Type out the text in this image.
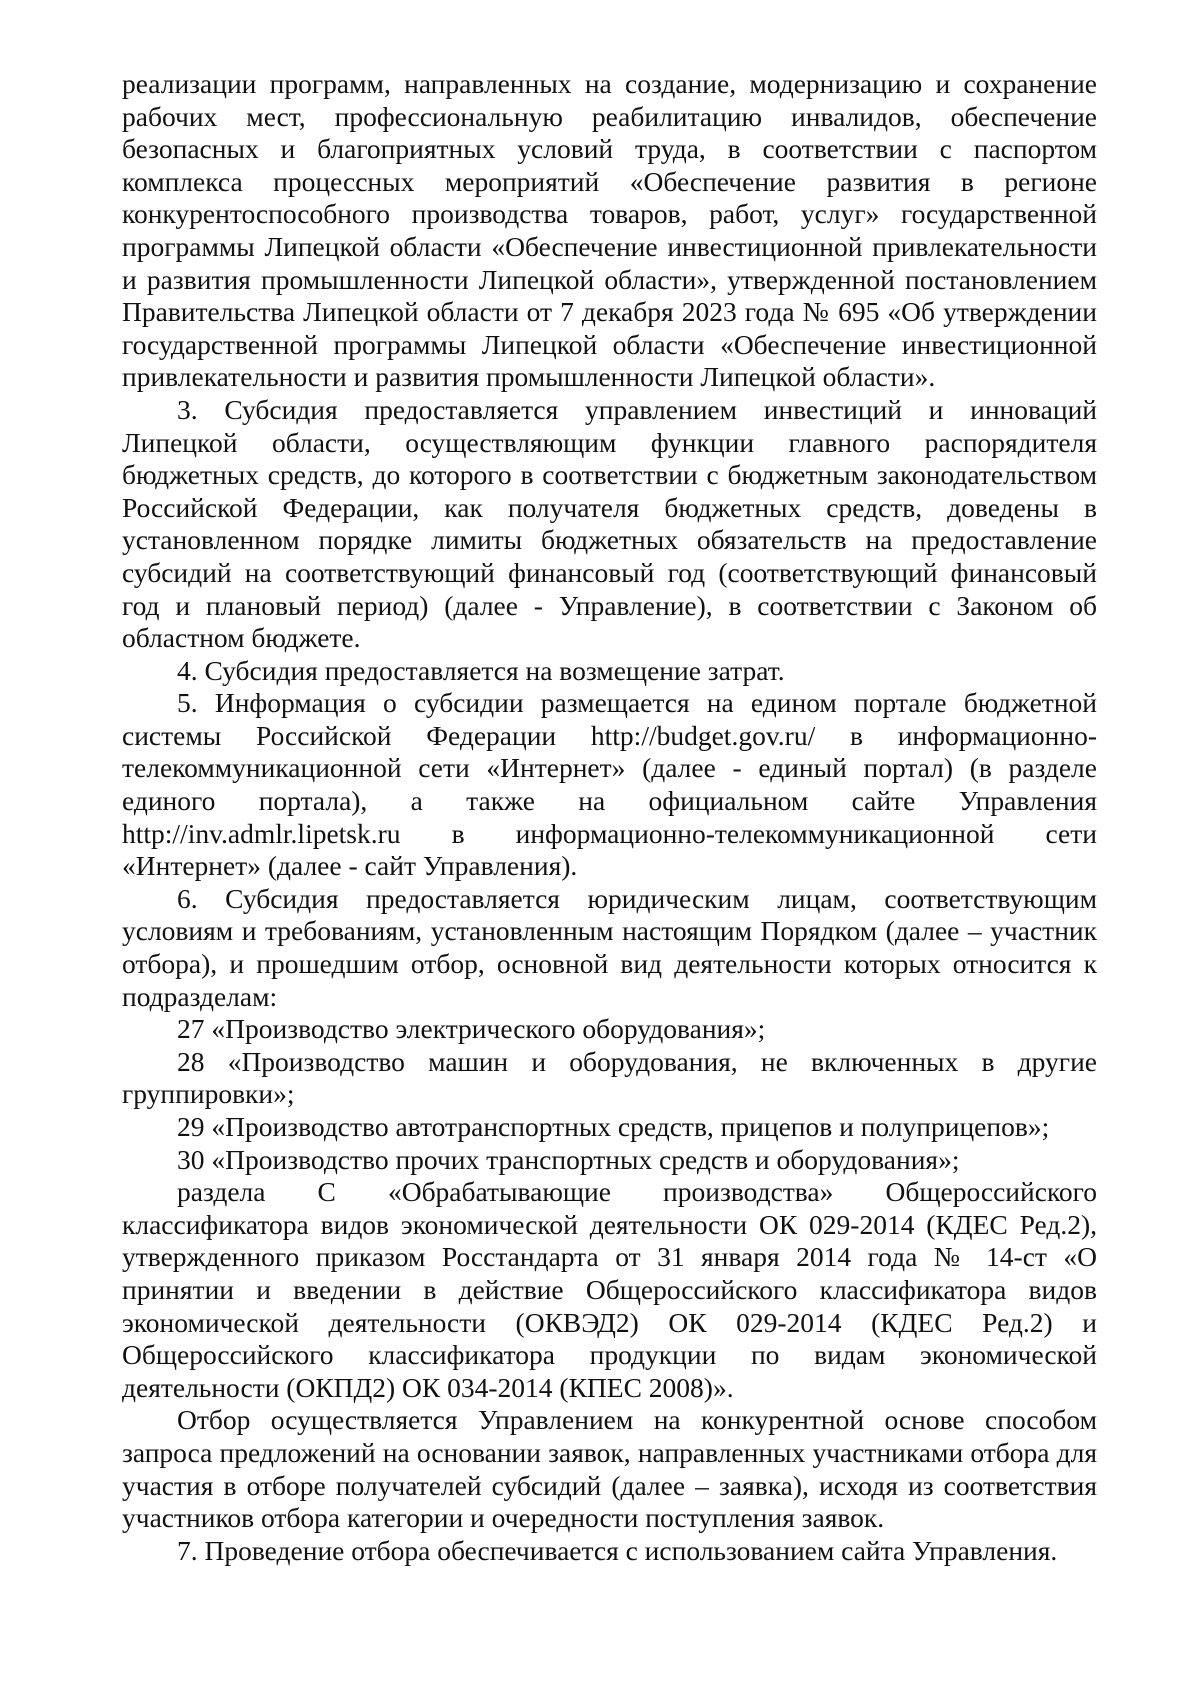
реализации программ, направленных на создание, модернизацию и сохранение рабочих мест, профессиональную реабилитацию инвалидов, обеспечение безопасных и благоприятных условий труда, в соответствии с паспортом комплекса процессных мероприятий «Обеспечение развития в регионе конкурентоспособного производства товаров, работ, услуг» государственной программы Липецкой области «Обеспечение инвестиционной привлекательности и развития промышленности Липецкой области», утвержденной постановлением Правительства Липецкой области от 7 декабря 2023 года № 695 «Об утверждении государственной программы Липецкой области «Обеспечение инвестиционной привлекательности и развития промышленности Липецкой области».

3. Субсидия предоставляется управлением инвестиций и инноваций Липецкой области, осуществляющим функции главного распорядителя бюджетных средств, до которого в соответствии с бюджетным законодательством Российской Федерации, как получателя бюджетных средств, доведены в установленном порядке лимиты бюджетных обязательств на предоставление субсидий на соответствующий финансовый год (соответствующий финансовый год и плановый период) (далее - Управление), в соответствии с Законом об областном бюджете.

4. Субсидия предоставляется на возмещение затрат.

5. Информация о субсидии размещается на едином портале бюджетной системы Российской Федерации http://budget.gov.ru/ в информационно-телекоммуникационной сети «Интернет» (далее - единый портал) (в разделе единого портала), а также на официальном сайте Управления http://inv.admlr.lipetsk.ru в информационно-телекоммуникационной сети «Интернет» (далее - сайт Управления).

6. Субсидия предоставляется юридическим лицам, соответствующим условиям и требованиям, установленным настоящим Порядком (далее – участник отбора), и прошедшим отбор, основной вид деятельности которых относится к подразделам:

27 «Производство электрического оборудования»;

28 «Производство машин и оборудования, не включенных в другие группировки»;

29 «Производство автотранспортных средств, прицепов и полуприцепов»;

30 «Производство прочих транспортных средств и оборудования»;

раздела С «Обрабатывающие производства» Общероссийского классификатора видов экономической деятельности ОК 029-2014 (КДЕС Ред.2), утвержденного приказом Росстандарта от 31 января 2014 года № 14-ст «О принятии и введении в действие Общероссийского классификатора видов экономической деятельности (ОКВЭД2) ОК 029-2014 (КДЕС Ред.2) и Общероссийского классификатора продукции по видам экономической деятельности (ОКПД2) ОК 034-2014 (КПЕС 2008)».

Отбор осуществляется Управлением на конкурентной основе способом запроса предложений на основании заявок, направленных участниками отбора для участия в отборе получателей субсидий (далее – заявка), исходя из соответствия участников отбора категории и очередности поступления заявок.

7. Проведение отбора обеспечивается с использованием сайта Управления.
